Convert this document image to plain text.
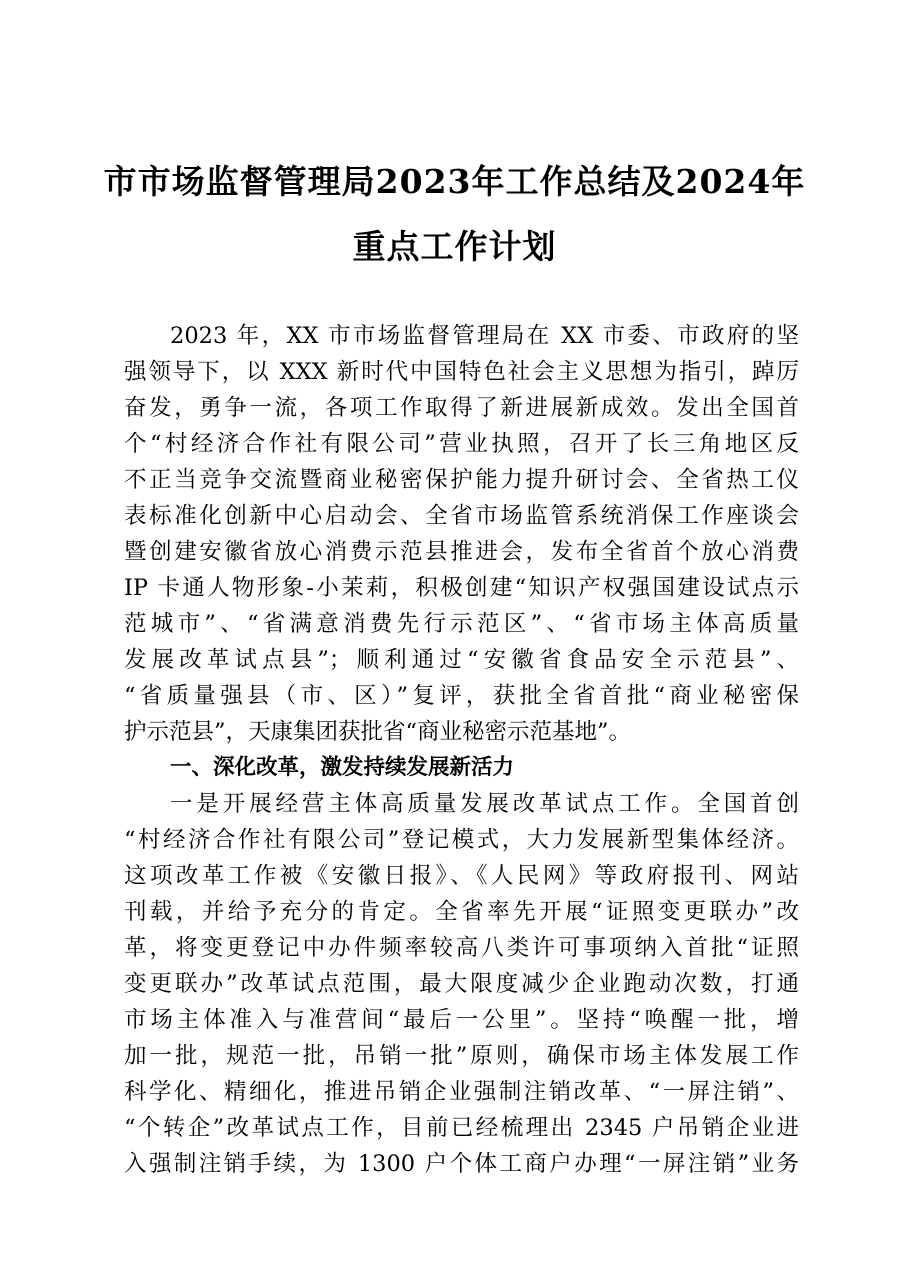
市市场监督管理局2023年工作总结及2024年
重点工作计划
2023 年，XX 市市场监督管理局在 XX 市委、市政府的坚
强领导下，以 XXX 新时代中国特色社会主义思想为指引，踔厉
奋发，勇争一流，各项工作取得了新进展新成效。发出全国首
个“村经济合作社有限公司”营业执照，召开了长三角地区反
不正当竞争交流暨商业秘密保护能力提升研讨会、全省热工仪
表标准化创新中心启动会、全省市场监管系统消保工作座谈会
暨创建安徽省放心消费示范县推进会，发布全省首个放心消费
IP 卡通人物形象-小茉莉，积极创建“知识产权强国建设试点示
范城市”、“省满意消费先行示范区”、“省市场主体高质量
发展改革试点县”；顺利通过“安徽省食品安全示范县”、
“省质量强县（市、区）”复评，获批全省首批“商业秘密保
护示范县”，天康集团获批省“商业秘密示范基地”。
一、深化改革，激发持续发展新活力
一是开展经营主体高质量发展改革试点工作。全国首创
“村经济合作社有限公司”登记模式，大力发展新型集体经济。
这项改革工作被《安徽日报》、《人民网》等政府报刊、网站
刊载，并给予充分的肯定。全省率先开展“证照变更联办”改
革，将变更登记中办件频率较高八类许可事项纳入首批“证照
变更联办”改革试点范围，最大限度减少企业跑动次数，打通
市场主体准入与准营间“最后一公里”。坚持“唤醒一批，增
加一批，规范一批，吊销一批”原则，确保市场主体发展工作
科学化、精细化，推进吊销企业强制注销改革、“一屏注销”、
“个转企”改革试点工作，目前已经梳理出 2345 户吊销企业进
入强制注销手续，为 1300 户个体工商户办理“一屏注销”业务
